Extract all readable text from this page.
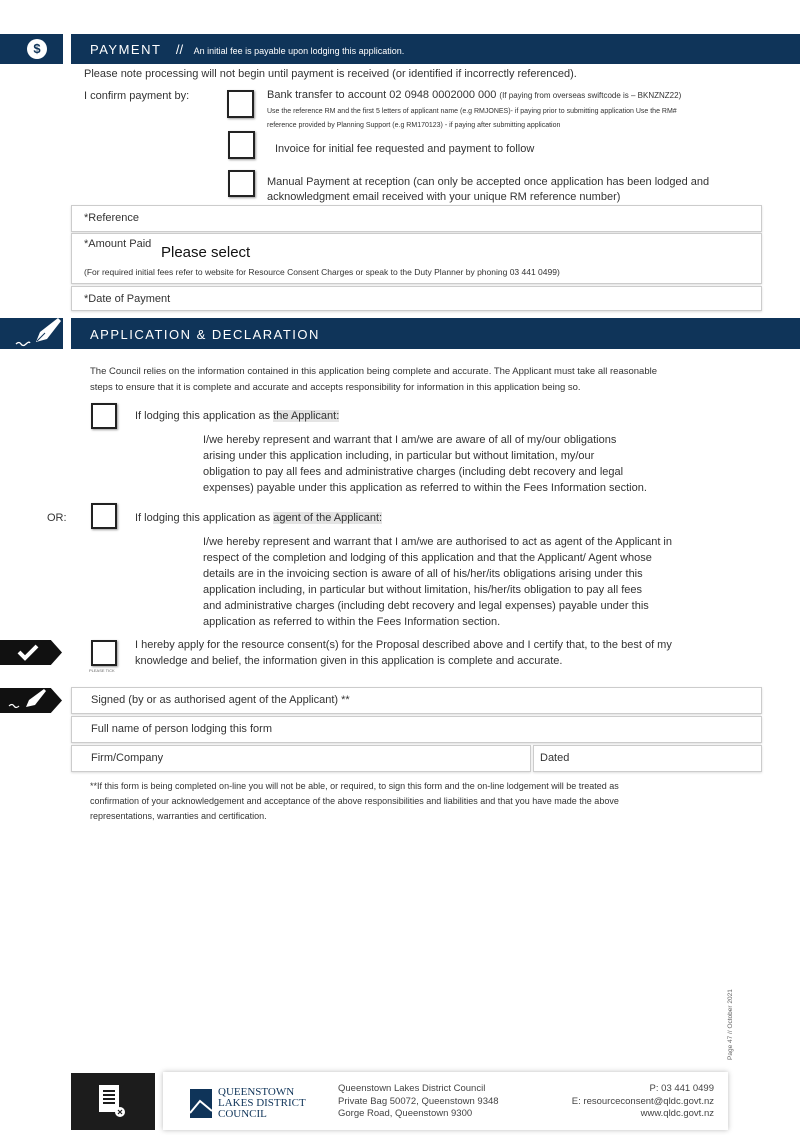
$	PAYMENT // An initial fee is payable upon lodging this application.
Please note processing will not begin until payment is received (or identified if incorrectly referenced).
I confirm payment by:	Bank transfer to account 02 0948 0002000 000 (If paying from overseas swiftcode is – BKNZNZ22)
Use the reference RM and the first 5 letters of applicant name (e.g RMJONES)- if paying prior to submitting application Use the RM#
reference provided by Planning Support (e.g RM170123) - if paying after submitting application
Invoice for initial fee requested and payment to follow
Manual Payment at reception (can only be accepted once application has been lodged and
acknowledgment email received with your unique RM reference number)
*Reference
*Amount Paid Please select
(For required initial fees refer to website for Resource Consent Charges or speak to the Duty Planner by phoning 03 441 0499)
*Date of Payment
APPLICATION & DECLARATION
The Council relies on the information contained in this application being complete and accurate. The Applicant must take all reasonable
steps to ensure that it is complete and accurate and accepts responsibility for information in this application being so.
If lodging this application as the Applicant:
I/we hereby represent and warrant that I am/we are aware of all of my/our obligations
arising under this application including, in particular but without limitation, my/our
obligation to pay all fees and administrative charges (including debt recovery and legal
expenses) payable under this application as referred to within the Fees Information section.
OR:	If lodging this application as agent of the Applicant:
I/we hereby represent and warrant that I am/we are authorised to act as agent of the Applicant in
respect of the completion and lodging of this application and that the Applicant/ Agent whose
details are in the invoicing section is aware of all of his/her/its obligations arising under this
application including, in particular but without limitation, his/her/its obligation to pay all fees
and administrative charges (including debt recovery and legal expenses) payable under this
application as referred to within the Fees Information section.
PLEASE TICK
I hereby apply for the resource consent(s) for the Proposal described above and I certify that, to the best of my
knowledge and belief, the information given in this application is complete and accurate.
Signed (by or as authorised agent of the Applicant) **
Full name of person lodging this form
Firm/Company	Dated
**If this form is being completed on-line you will not be able, or required, to sign this form and the on-line lodgement will be treated as
confirmation of your acknowledgement and acceptance of the above responsibilities and liabilities and that you have made the above
representations, warranties and certification.
QUEENSTOWN
LAKES DISTRICT
COUNCIL
Queenstown Lakes District Council
Private Bag 50072, Queenstown 9348
Gorge Road, Queenstown 9300
P: 03 441 0499
E: resourceconsent@qldc.govt.nz
www.qldc.govt.nz
Page 47 // October 2021
